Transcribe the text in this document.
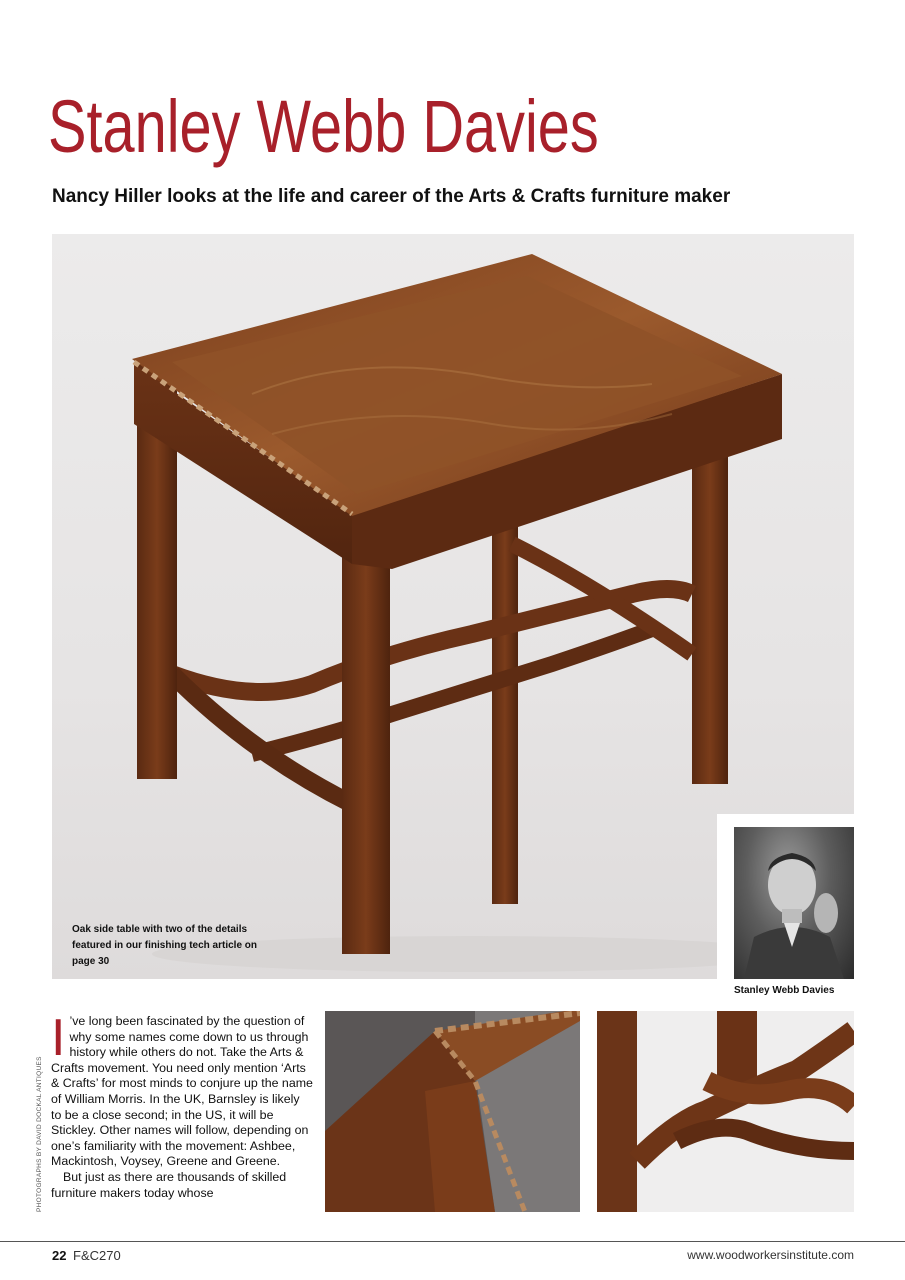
Stanley Webb Davies
Nancy Hiller looks at the life and career of the Arts & Crafts furniture maker
Oak side table with two of the details featured in our finishing tech article on page 30
Stanley Webb Davies
I ’ve long been fascinated by the question of why some names come down to us through history while others do not. Take the Arts & Crafts movement. You need only mention ‘Arts & Crafts’ for most minds to conjure up the name of William Morris. In the UK, Barnsley is likely to be a close second; in the US, it will be Stickley. Other names will follow, depending on one’s familiarity with the movement: Ashbee, Mackintosh, Voysey, Greene and Greene.

But just as there are thousands of skilled furniture makers today whose

PHOTOGRAPHS BY DAVID DOCKAL ANTIQUES
22 F&C270	www.woodworkersinstitute.com
